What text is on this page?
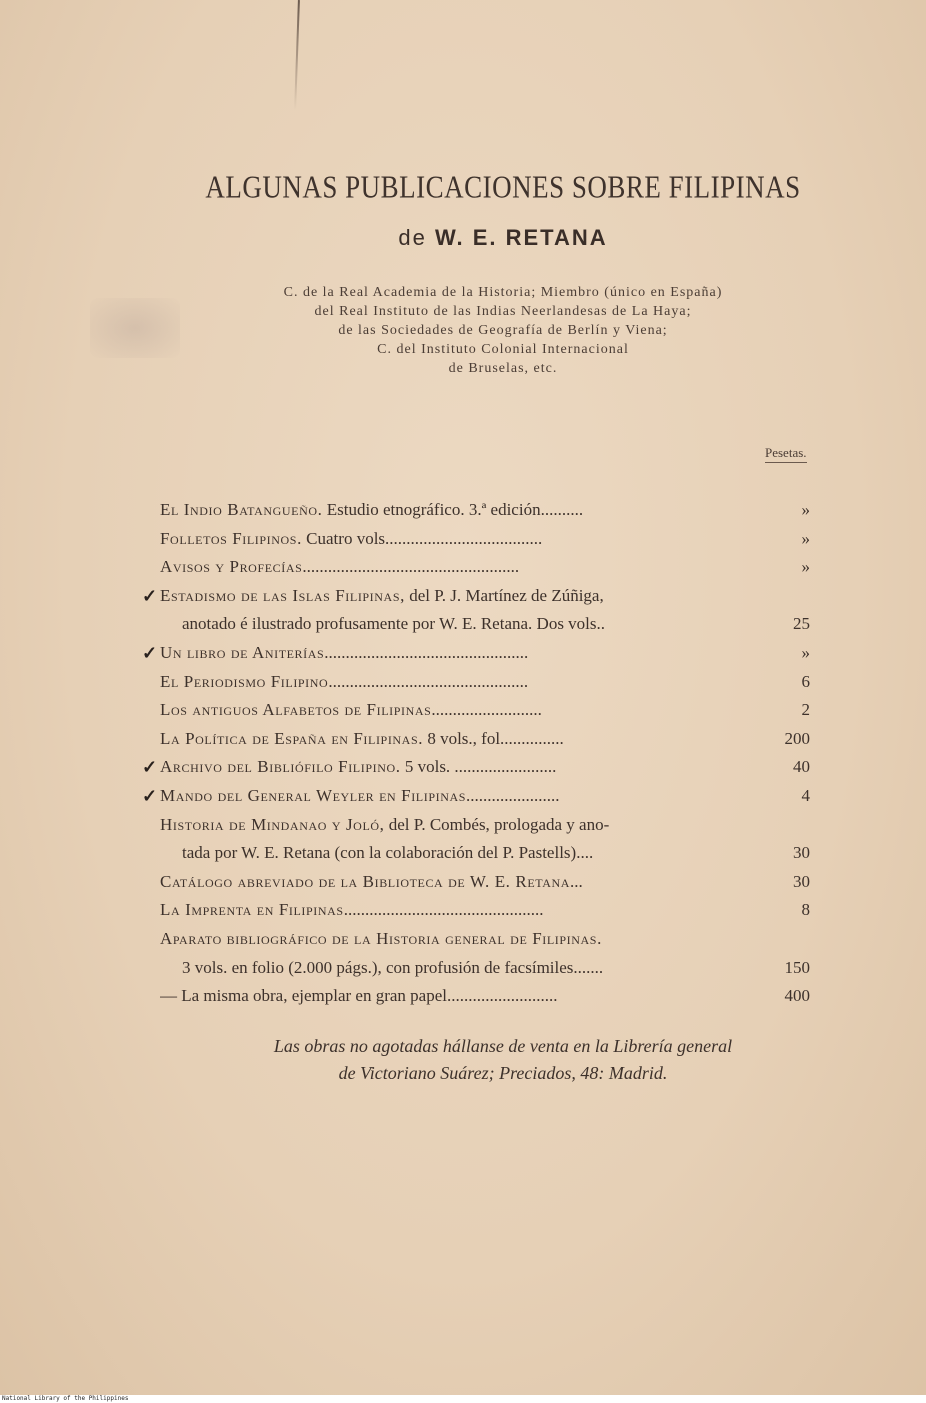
ALGUNAS PUBLICACIONES SOBRE FILIPINAS
de W. E. RETANA
C. de la Real Academia de la Historia; Miembro (único en España)
del Real Instituto de las Indias Neerlandesas de La Haya;
de las Sociedades de Geografía de Berlín y Viena;
C. del Instituto Colonial Internacional
de Bruselas, etc.
Pesetas.
El Indio Batangueño. Estudio etnográfico. 3.ª edición..........	»
Folletos Filipinos. Cuatro vols.....................................	»
Avisos y Profecías...................................................	»
✓ Estadismo de las Islas Filipinas, del P. J. Martínez de Zúñiga,
anotado é ilustrado profusamente por W. E. Retana. Dos vols..	25
✓ Un libro de Aniterías................................................	»
El Periodismo Filipino...............................................	6
Los antiguos Alfabetos de Filipinas..........................	2
La Política de España en Filipinas. 8 vols., fol...............	200
✓ Archivo del Bibliófilo Filipino. 5 vols. ........................	40
✓ Mando del General Weyler en Filipinas......................	4
Historia de Mindanao y Joló, del P. Combés, prologada y ano-
tada por W. E. Retana (con la colaboración del P. Pastells)....	30
Catálogo abreviado de la Biblioteca de W. E. Retana...	30
La Imprenta en Filipinas...............................................	8
Aparato bibliográfico de la Historia general de Filipinas.
3 vols. en folio (2.000 págs.), con profusión de facsímiles.......	150
— La misma obra, ejemplar en gran papel..........................	400
Las obras no agotadas hállanse de venta en la Librería general
de Victoriano Suárez; Preciados, 48: Madrid.
National Library of the Philippines
